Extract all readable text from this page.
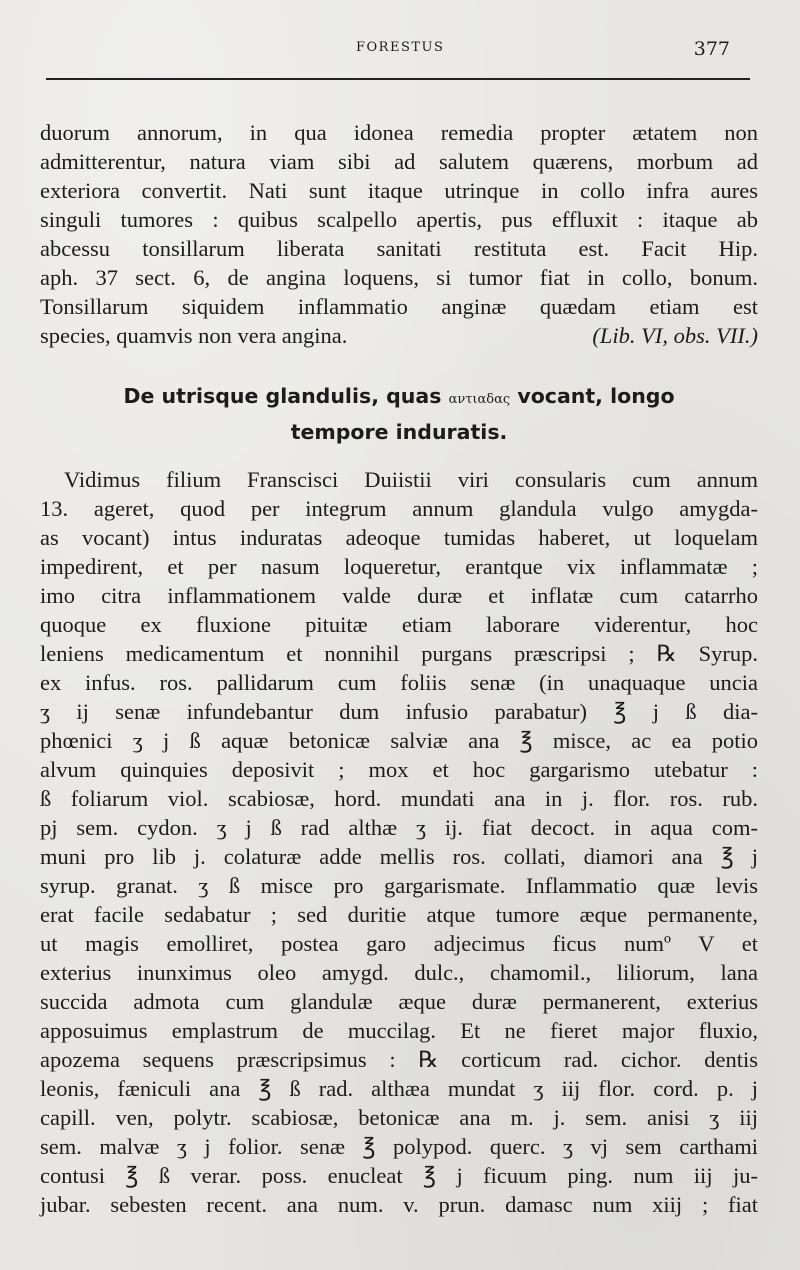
FORESTUS	377
duorum annorum, in qua idonea remedia propter ætatem non
admitterentur, natura viam sibi ad salutem quærens, morbum ad
exteriora convertit. Nati sunt itaque utrinque in collo infra aures
singuli tumores : quibus scalpello apertis, pus effluxit : itaque ab
abcessu tonsillarum liberata sanitati restituta est. Facit Hip.
aph. 37 sect. 6, de angina loquens, si tumor fiat in collo, bonum.
Tonsillarum siquidem inflammatio anginæ quædam etiam est
species, quamvis non vera angina.	(Lib. VI, obs. VII.)
De utrisque glandulis, quas αντιαδας vocant, longo
tempore induratis.
Vidimus filium Franscisci Duiistii viri consularis cum annum
13. ageret, quod per integrum annum glandula vulgo amygda-
as vocant) intus induratas adeoque tumidas haberet, ut loquelam
impedirent, et per nasum loqueretur, erantque vix inflammatæ ;
imo citra inflammationem valde duræ et inflatæ cum catarrho
quoque ex fluxione pituitæ etiam laborare viderentur, hoc
leniens medicamentum et nonnihil purgans præscripsi ; ℞ Syrup.
ex infus. ros. pallidarum cum foliis senæ (in unaquaque uncia
ʒ ij senæ infundebantur dum infusio parabatur) ℥ j ß dia-
phœnici ʒ j ß aquæ betonicæ salviæ ana ℥ misce, ac ea potio
alvum quinquies deposivit ; mox et hoc gargarismo utebatur :
ß foliarum viol. scabiosæ, hord. mundati ana in j. flor. ros. rub.
pj sem. cydon. ʒ j ß rad althæ ʒ ij. fiat decoct. in aqua com-
muni pro lib j. colaturæ adde mellis ros. collati, diamori ana ℥ j
syrup. granat. ʒ ß misce pro gargarismate. Inflammatio quæ levis
erat facile sedabatur ; sed duritie atque tumore æque permanente,
ut magis emolliret, postea garo adjecimus ficus numº V et
exterius inunximus oleo amygd. dulc., chamomil., liliorum, lana
succida admota cum glandulæ æque duræ permanerent, exterius
apposuimus emplastrum de muccilag. Et ne fieret major fluxio,
apozema sequens præscripsimus : ℞ corticum rad. cichor. dentis
leonis, fæniculi ana ℥ ß rad. althæa mundat ʒ iij flor. cord. p. j
capill. ven, polytr. scabiosæ, betonicæ ana m. j. sem. anisi ʒ iij
sem. malvæ ʒ j folior. senæ ℥ polypod. querc. ʒ vj sem carthami
contusi ℥ ß verar. poss. enucleat ℥ j ficuum ping. num iij ju-
jubar. sebesten recent. ana num. v. prun. damasc num xiij ; fiat
